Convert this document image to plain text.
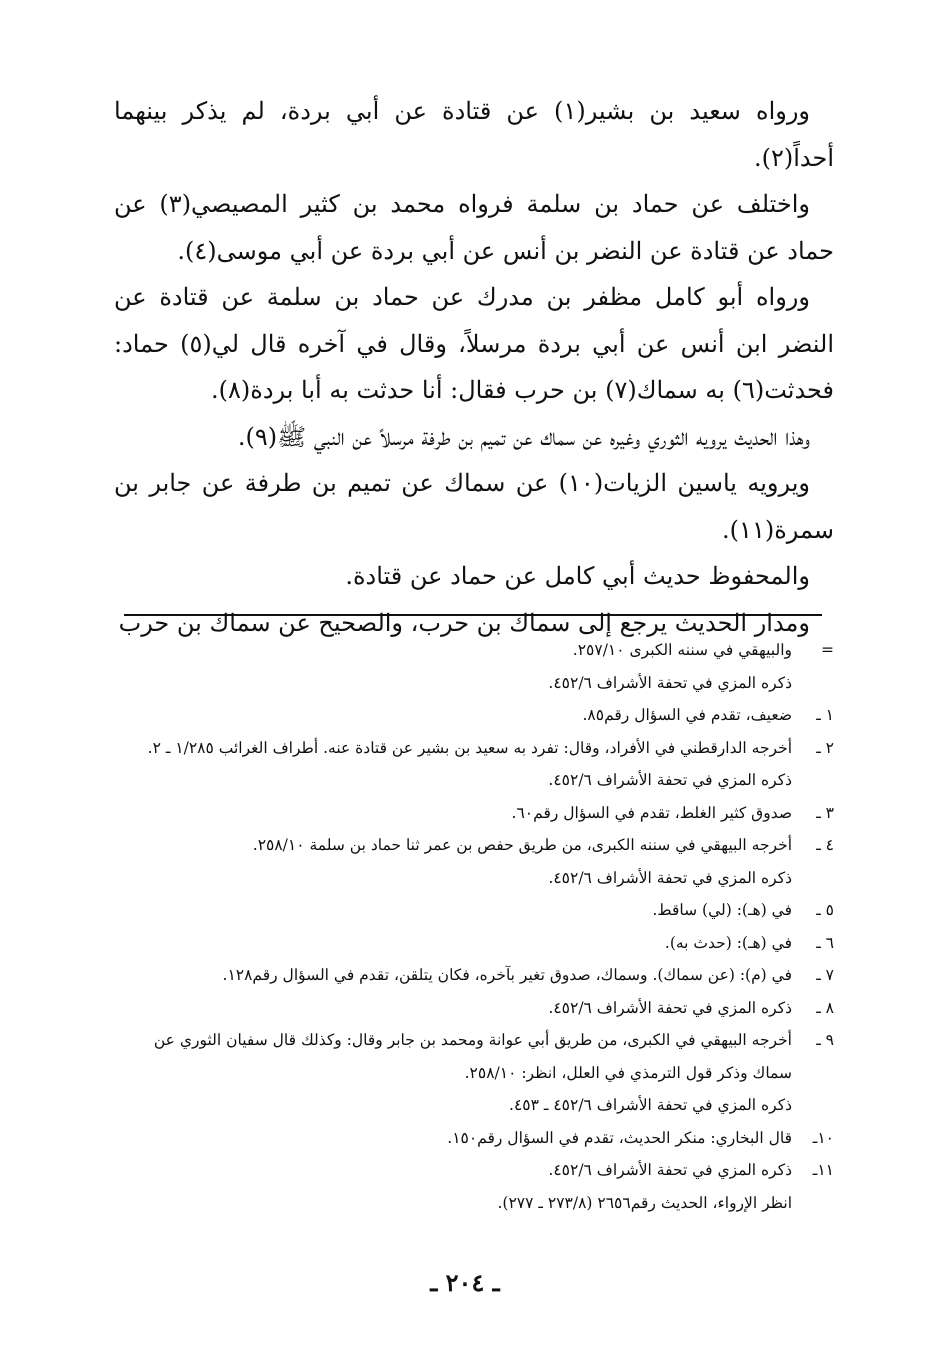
ورواه سعيد بن بشير(١) عن قتادة عن أبي بردة، لم يذكر بينهما أحداً(٢).

واختلف عن حماد بن سلمة فرواه محمد بن كثير المصيصي(٣) عن حماد عن قتادة عن النضر بن أنس عن أبي بردة عن أبي موسى(٤).

ورواه أبو كامل مظفر بن مدرك عن حماد بن سلمة عن قتادة عن النضر ابن أنس عن أبي بردة مرسلاً، وقال في آخره قال لي(٥) حماد: فحدثت(٦) به سماك(٧) بن حرب فقال: أنا حدثت به أبا بردة(٨).

وهذا الحديث يرويه الثوري وغيره عن سماك عن تميم بن طرفة مرسلاً عن النبي ﷺ(٩).

ويرويه ياسين الزيات(١٠) عن سماك عن تميم بن طرفة عن جابر بن سمرة(١١).

والمحفوظ حديث أبي كامل عن حماد عن قتادة.

ومدار الحديث يرجع إلى سماك بن حرب، والصحيح عن سماك بن حرب

=
والبيهقي في سننه الكبرى ٢٥٧/١٠.
ذكره المزي في تحفة الأشراف ٤٥٢/٦.
١ ـ
ضعيف، تقدم في السؤال رقم٨٥.
٢ ـ
أخرجه الدارقطني في الأفراد، وقال: تفرد به سعيد بن بشير عن قتادة عنه. أطراف الغرائب ١/٢٨٥ ـ ٢.
ذكره المزي في تحفة الأشراف ٤٥٢/٦.
٣ ـ
صدوق كثير الغلط، تقدم في السؤال رقم٦٠.
٤ ـ
أخرجه البيهقي في سننه الكبرى، من طريق حفص بن عمر ثنا حماد بن سلمة ٢٥٨/١٠.
ذكره المزي في تحفة الأشراف ٤٥٢/٦.
٥ ـ
في (هـ): (لي) ساقط.
٦ ـ
في (هـ): (حدث به).
٧ ـ
في (م): (عن سماك). وسماك، صدوق تغير بآخره، فكان يتلقن، تقدم في السؤال رقم١٢٨.
٨ ـ
ذكره المزي في تحفة الأشراف ٤٥٢/٦.
٩ ـ
أخرجه البيهقي في الكبرى، من طريق أبي عوانة ومحمد بن جابر وقال: وكذلك قال سفيان الثوري عن سماك وذكر قول الترمذي في العلل، انظر: ٢٥٨/١٠.
ذكره المزي في تحفة الأشراف ٤٥٢/٦ ـ ٤٥٣.
١٠ـ
قال البخاري: منكر الحديث، تقدم في السؤال رقم١٥٠.
١١ـ
ذكره المزي في تحفة الأشراف ٤٥٢/٦.
انظر الإرواء، الحديث رقم٢٦٥٦ (٢٧٣/٨ ـ ٢٧٧).
ـ ٢٠٤ ـ
